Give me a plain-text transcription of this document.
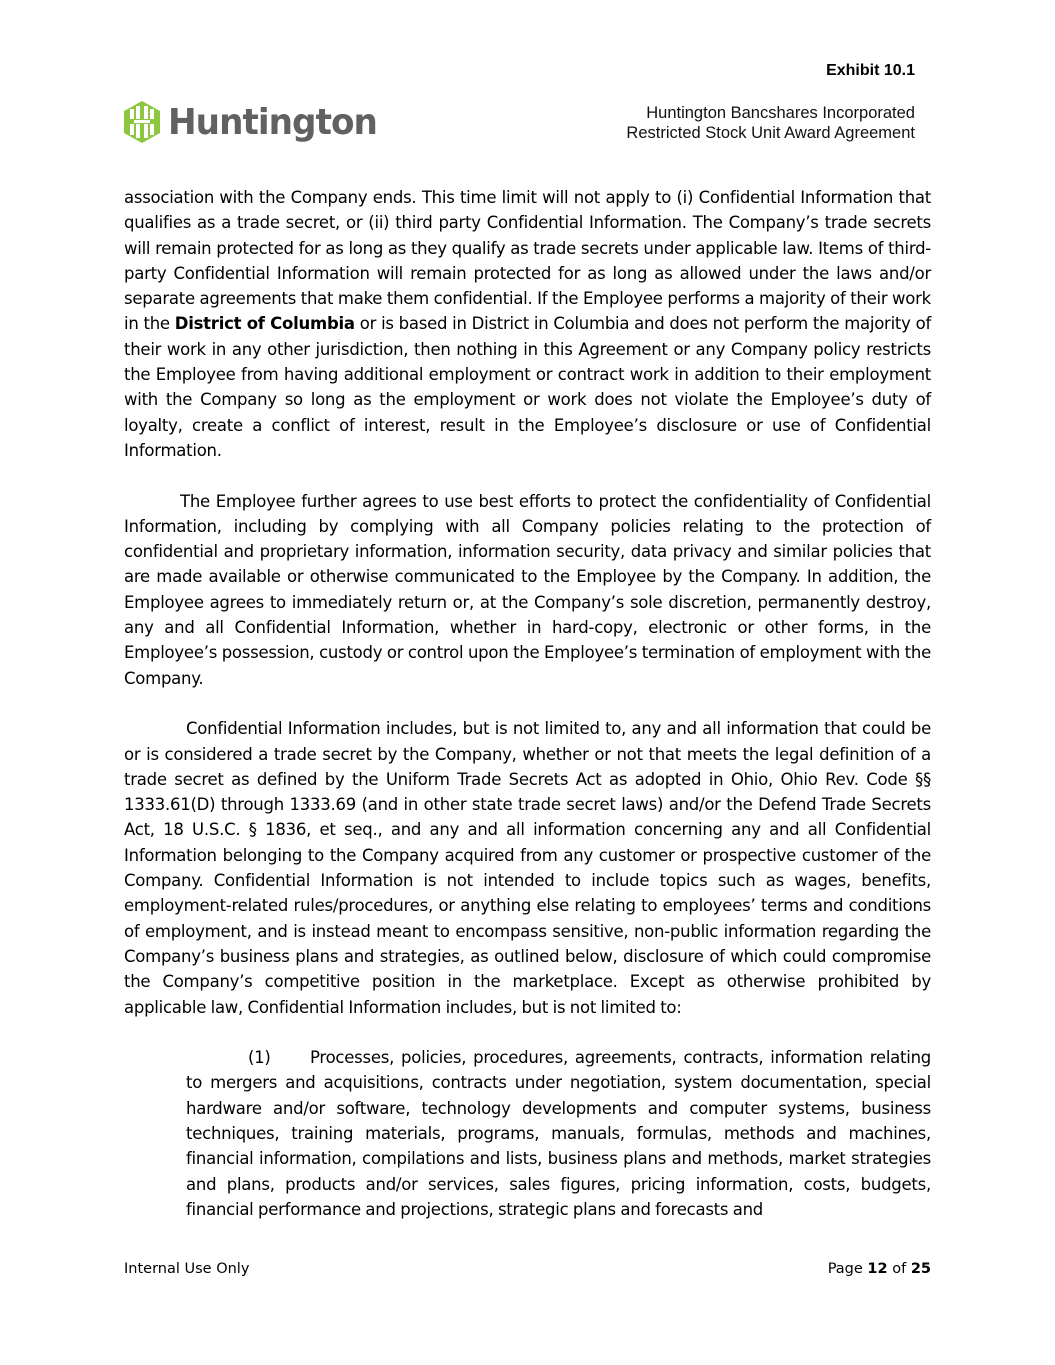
Exhibit 10.1
Huntington	Huntington Bancshares Incorporated
Restricted Stock Unit Award Agreement

association with the Company ends. This time limit will not apply to (i) Confidential Information that qualifies as a trade secret, or (ii) third party Confidential Information. The Company’s trade secrets will remain protected for as long as they qualify as trade secrets under applicable law. Items of third-party Confidential Information will remain protected for as long as allowed under the laws and/or separate agreements that make them confidential. If the Employee performs a majority of their work in the District of Columbia or is based in District in Columbia and does not perform the majority of their work in any other jurisdiction, then nothing in this Agreement or any Company policy restricts the Employee from having additional employment or contract work in addition to their employment with the Company so long as the employment or work does not violate the Employee’s duty of loyalty, create a conflict of interest, result in the Employee’s disclosure or use of Confidential Information.

The Employee further agrees to use best efforts to protect the confidentiality of Confidential Information, including by complying with all Company policies relating to the protection of confidential and proprietary information, information security, data privacy and similar policies that are made available or otherwise communicated to the Employee by the Company. In addition, the Employee agrees to immediately return or, at the Company’s sole discretion, permanently destroy, any and all Confidential Information, whether in hard-copy, electronic or other forms, in the Employee’s possession, custody or control upon the Employee’s termination of employment with the Company.

Confidential Information includes, but is not limited to, any and all information that could be or is considered a trade secret by the Company, whether or not that meets the legal definition of a trade secret as defined by the Uniform Trade Secrets Act as adopted in Ohio, Ohio Rev. Code §§ 1333.61(D) through 1333.69 (and in other state trade secret laws) and/or the Defend Trade Secrets Act, 18 U.S.C. § 1836, et seq., and any and all information concerning any and all Confidential Information belonging to the Company acquired from any customer or prospective customer of the Company. Confidential Information is not intended to include topics such as wages, benefits, employment-related rules/procedures, or anything else relating to employees’ terms and conditions of employment, and is instead meant to encompass sensitive, non-public information regarding the Company’s business plans and strategies, as outlined below, disclosure of which could compromise the Company’s competitive position in the marketplace. Except as otherwise prohibited by applicable law, Confidential Information includes, but is not limited to:

(1) Processes, policies, procedures, agreements, contracts, information relating to mergers and acquisitions, contracts under negotiation, system documentation, special hardware and/or software, technology developments and computer systems, business techniques, training materials, programs, manuals, formulas, methods and machines, financial information, compilations and lists, business plans and methods, market strategies and plans, products and/or services, sales figures, pricing information, costs, budgets, financial performance and projections, strategic plans and forecasts and

Internal Use Only	Page 12 of 25
